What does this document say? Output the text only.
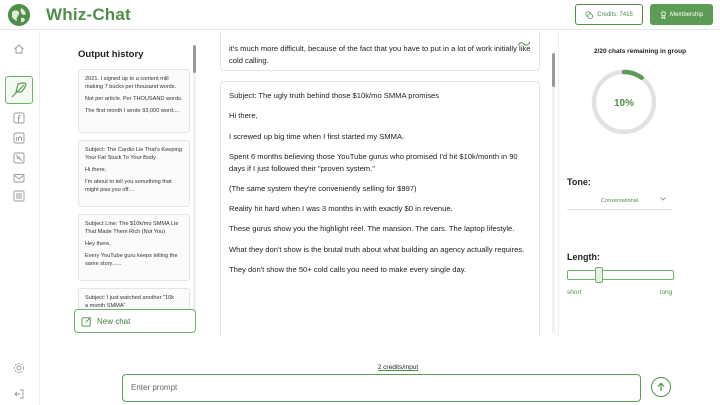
Whiz-Chat	Credits: 7415	Membership
Output history

2021. I signed up to a content mill making 7 bucks per thousand words.

Not per article. Per THOUSAND words.

The first month I wrote 93,000 word....

Subject: The Cardio Lie That's Keeping Your Fat Stuck To Your Body

Hi there,

I'm about to tell you something that might piss you off....

Subject Line: The $10k/mo SMMA Lie That Made Them Rich (Not You)

Hey there,

Every YouTube guru keeps telling the same story......

Subject: I just watched another "10k

a month SMMA"

New chat
it's much more difficult, because of the fact that you have to put in a lot of work initially like cold calling.

Subject: The ugly truth behind those $10k/mo SMMA promises

Hi there,

I screwed up big time when I first started my SMMA.

Spent 6 months believing those YouTube gurus who promised I'd hit $10k/month in 90 days if I just followed their "proven system."

(The same system they're conveniently selling for $997)

Reality hit hard when I was 3 months in with exactly $0 in revenue.

These gurus show you the highlight reel. The mansion. The cars. The laptop lifestyle.

What they don't show is the brutal truth about what building an agency actually requires.

They don't show the 50+ cold calls you need to make every single day.

2/20 chats remaining in group
10%
Tone:
Conversational
Length:
short	long
2 credits/input
Enter prompt
